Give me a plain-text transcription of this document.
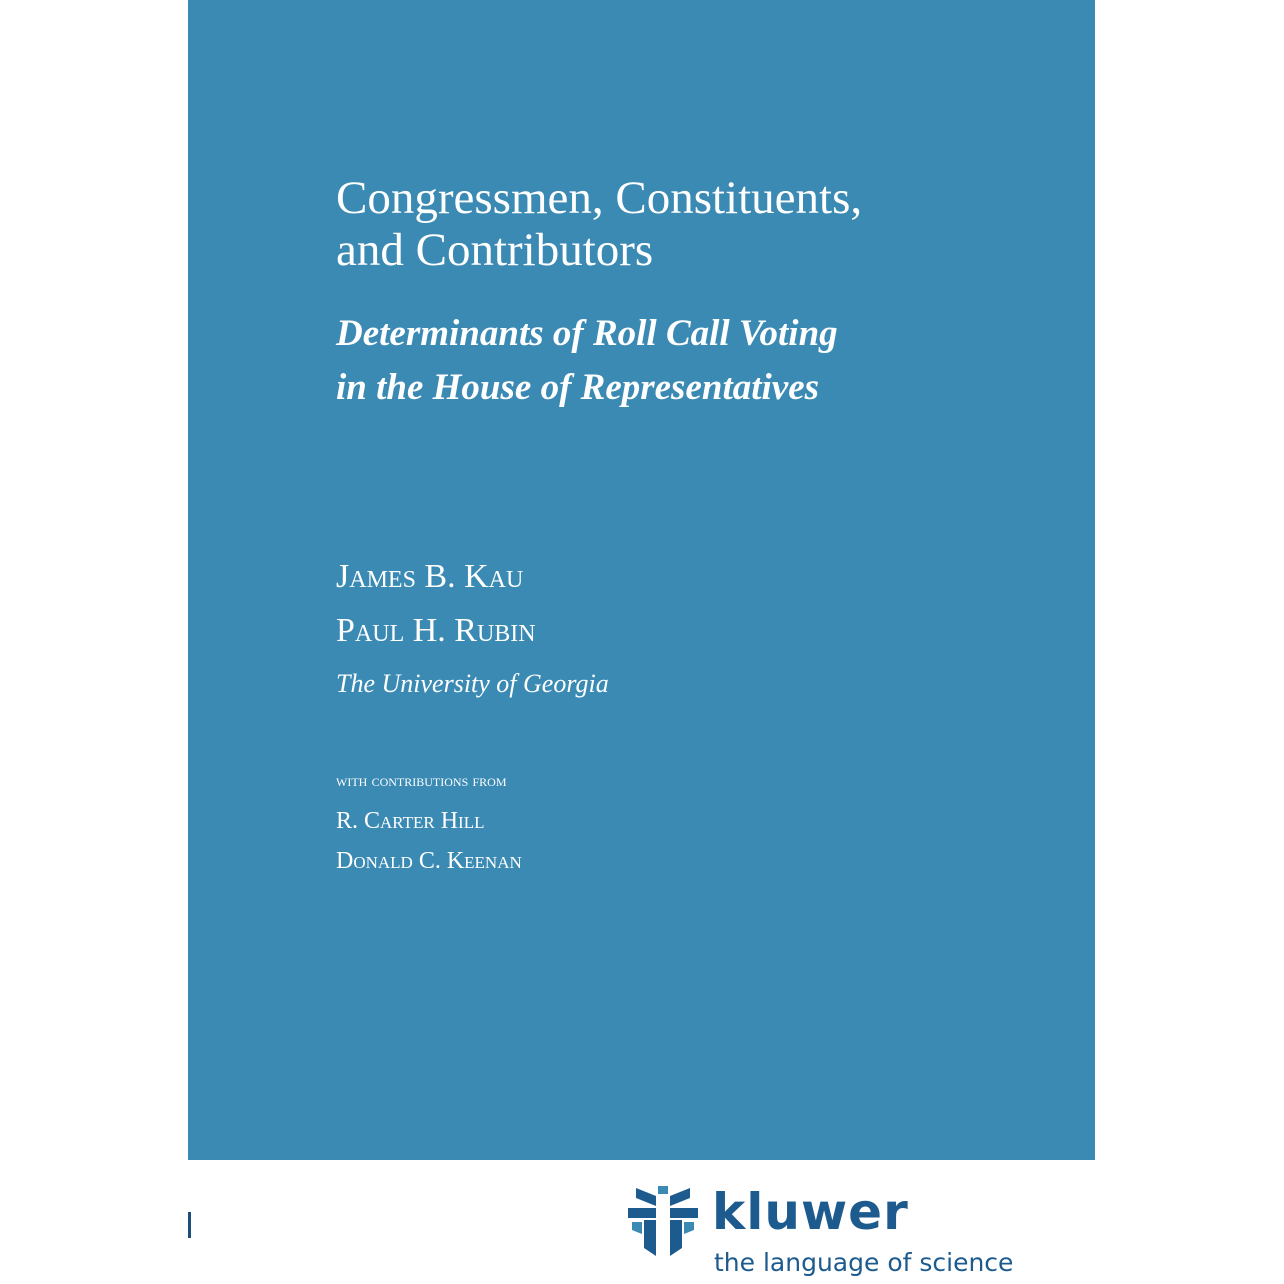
Congressmen, Constituents,
and Contributors
Determinants of Roll Call Voting
in the House of Representatives
James B. Kau
Paul H. Rubin
The University of Georgia
with contributions from
R. Carter Hill
Donald C. Keenan
kluwer
the language of science
